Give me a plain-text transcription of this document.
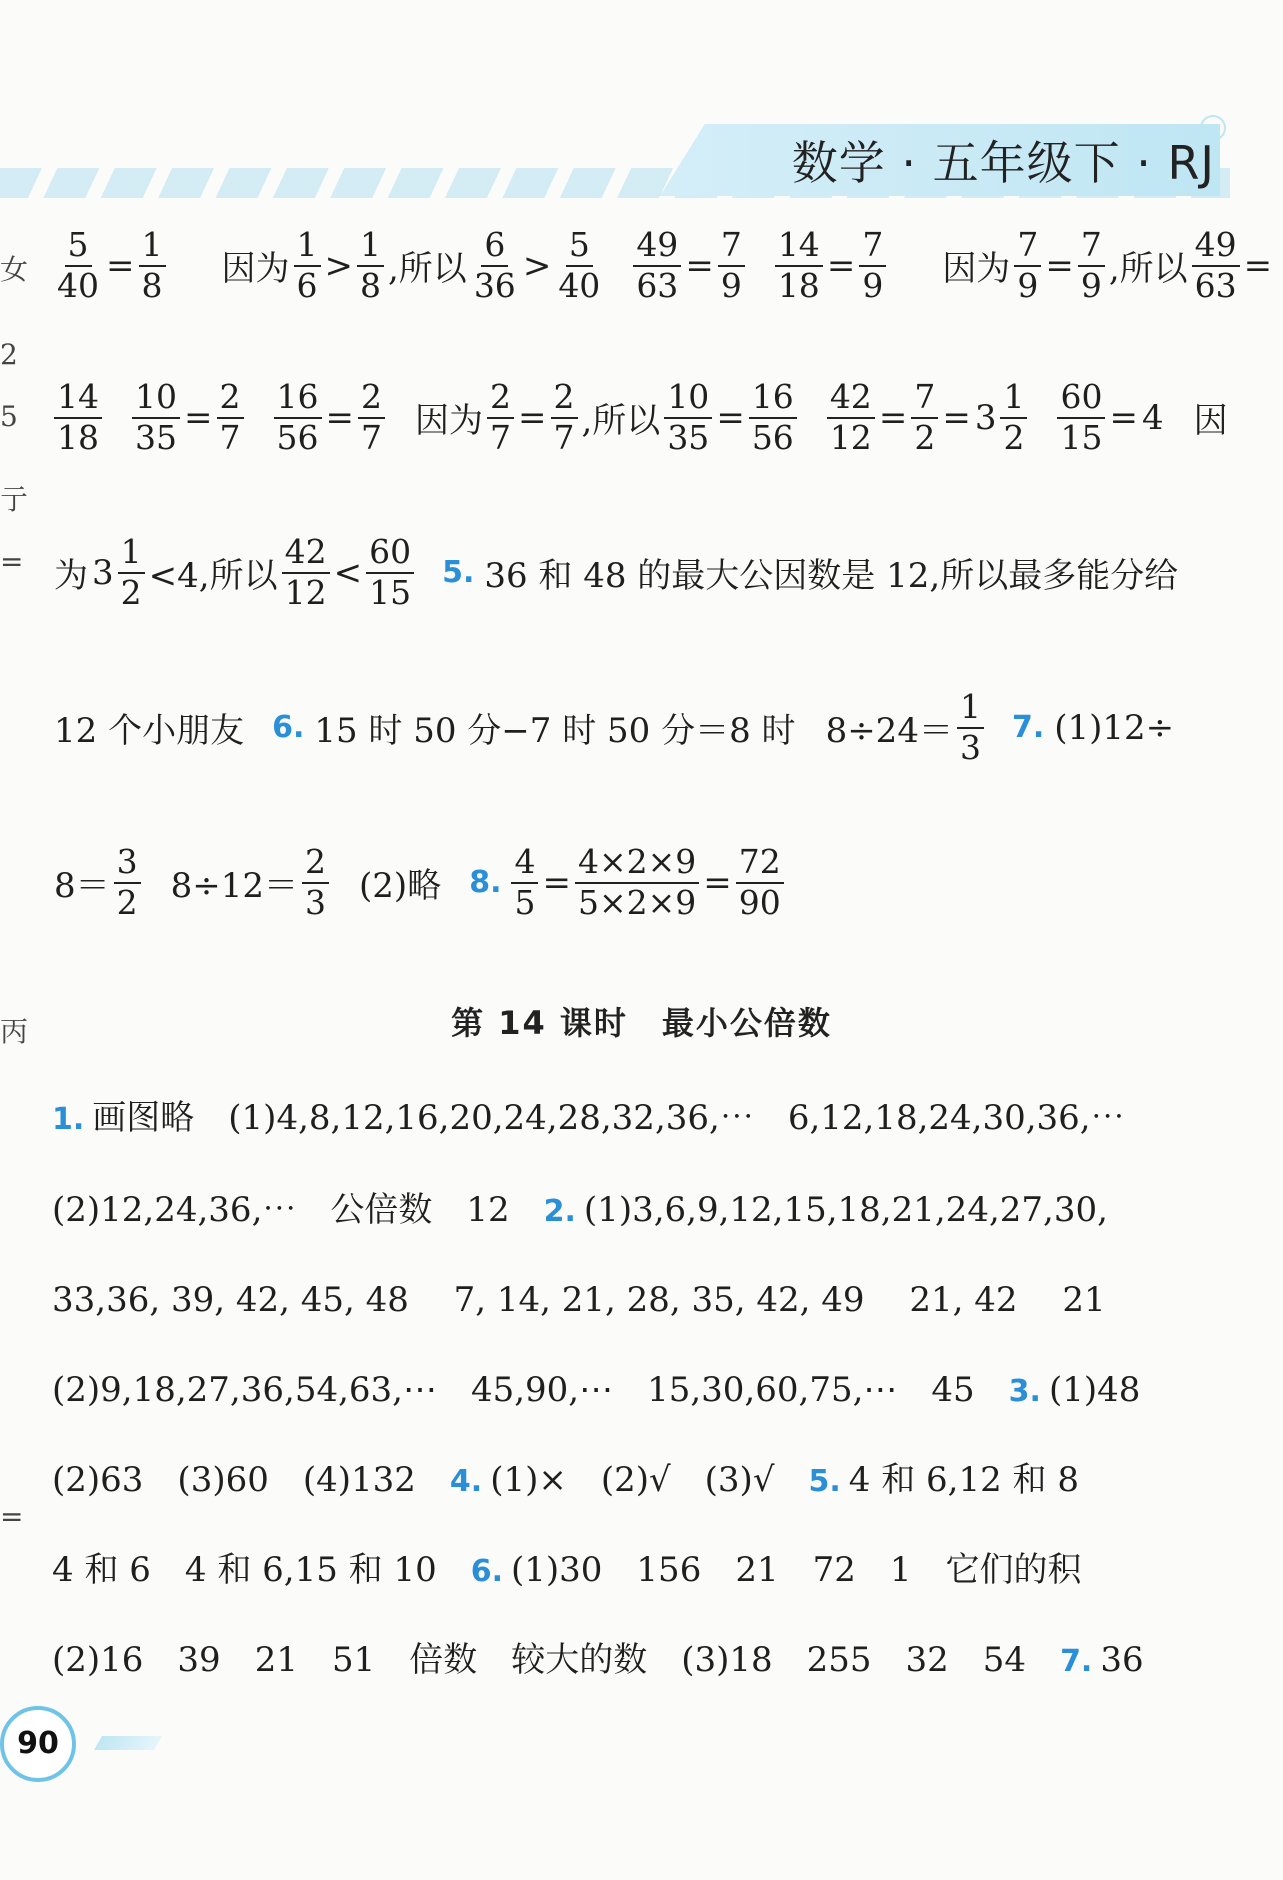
数学 · 五年级下 · RJ
女
2
5
亍
=
丙
=
$\frac{5}{40} = \frac{1}{8}$ 因为 $\frac{1}{6} > \frac{1}{8}$ ,所以 $\frac{6}{36} > \frac{5}{40} \frac{49}{63} = \frac{7}{9} \frac{14}{18} = \frac{7}{9}$ 因为 $\frac{7}{9} = \frac{7}{9}$ ,所以 $\frac{49}{63}$ =
$\frac{14}{18} \frac{10}{35} = \frac{2}{7} \frac{16}{56} = \frac{2}{7}$ 因为 $\frac{2}{7} = \frac{2}{7}$ ,所以 $\frac{10}{35} = \frac{16}{56} \frac{42}{12} = \frac{7}{2} = 3 \frac{1}{2} \frac{60}{15} = 4$ 因
为 $3 \frac{1}{2} <4$,所以 $\frac{42}{12} < \frac{60}{15} 5$. 36 和 48 的最大公因数是 12,所以最多能分给
12 个小朋友 6. 15 时 50 分−7 时 50 分＝8 时 $8\div 24= \frac{1}{3} 7$. (1)12÷
$8= \frac{3}{2} 8\div 12= \frac{2}{3} (2)$略 8. $\frac{4}{5} = \frac{4\times 2\times 9}{5\times 2\times 9} = \frac{72}{90}$
第 14 课时　最小公倍数
1. 画图略　(1)4,8,12,16,20,24,28,32,36,⋯　6,12,18,24,30,36,⋯
(2)12,24,36,⋯　公倍数　12　2. (1)3,6,9,12,15,18,21,24,27,30,
33,36, 39, 42, 45, 48　 7, 14, 21, 28, 35, 42, 49　 21, 42　 21
(2)9,18,27,36,54,63,⋯　45,90,⋯　15,30,60,75,⋯　45　3. (1)48
(2)63　(3)60　(4)132　4. (1)×　(2)√　(3)√　5. 4 和 6,12 和 8
4 和 6　4 和 6,15 和 10　6. (1)30　156　21　72　1　它们的积
(2)16　39　21　51　倍数　较大的数　(3)18　255　32　54　7. 36
90
